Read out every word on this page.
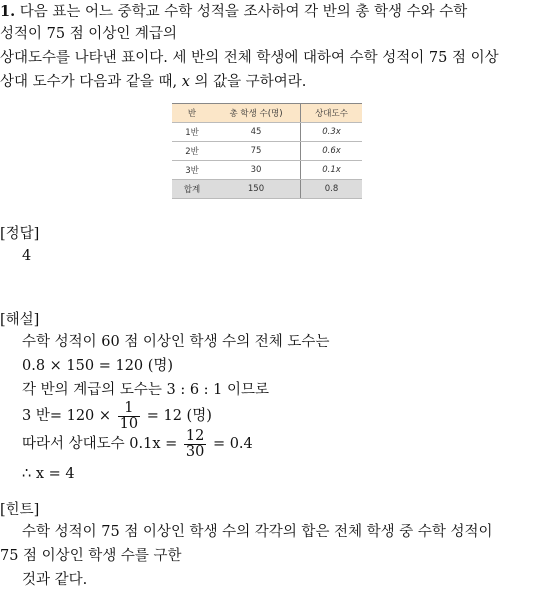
1. 다음 표는 어느 중학교 수학 성적을 조사하여 각 반의 총 학생 수와 수학
성적이 75 점 이상인 계급의
상대도수를 나타낸 표이다. 세 반의 전체 학생에 대하여 수학 성적이 75 점 이상
상대 도수가 다음과 같을 때, x 의 값을 구하여라.
반	총 학생 수(명)	상대도수
1반	45	0.3x
2반	75	0.6x
3반	30	0.1x
합계	150	0.8
[정답]
4
[해설]
수학 성적이 60 점 이상인 학생 수의 전체 도수는
0.8 × 150 = 120 (명)
각 반의 계급의 도수는 3 : 6 : 1 이므로
3 반= $120 \times \frac{1}{10} = 12$ (명)
따라서 상대도수 $0.1x = \frac{12}{30} = 0.4$
∴ x = 4
[힌트]
수학 성적이 75 점 이상인 학생 수의 각각의 합은 전체 학생 중 수학 성적이
75 점 이상인 학생 수를 구한
것과 같다.
